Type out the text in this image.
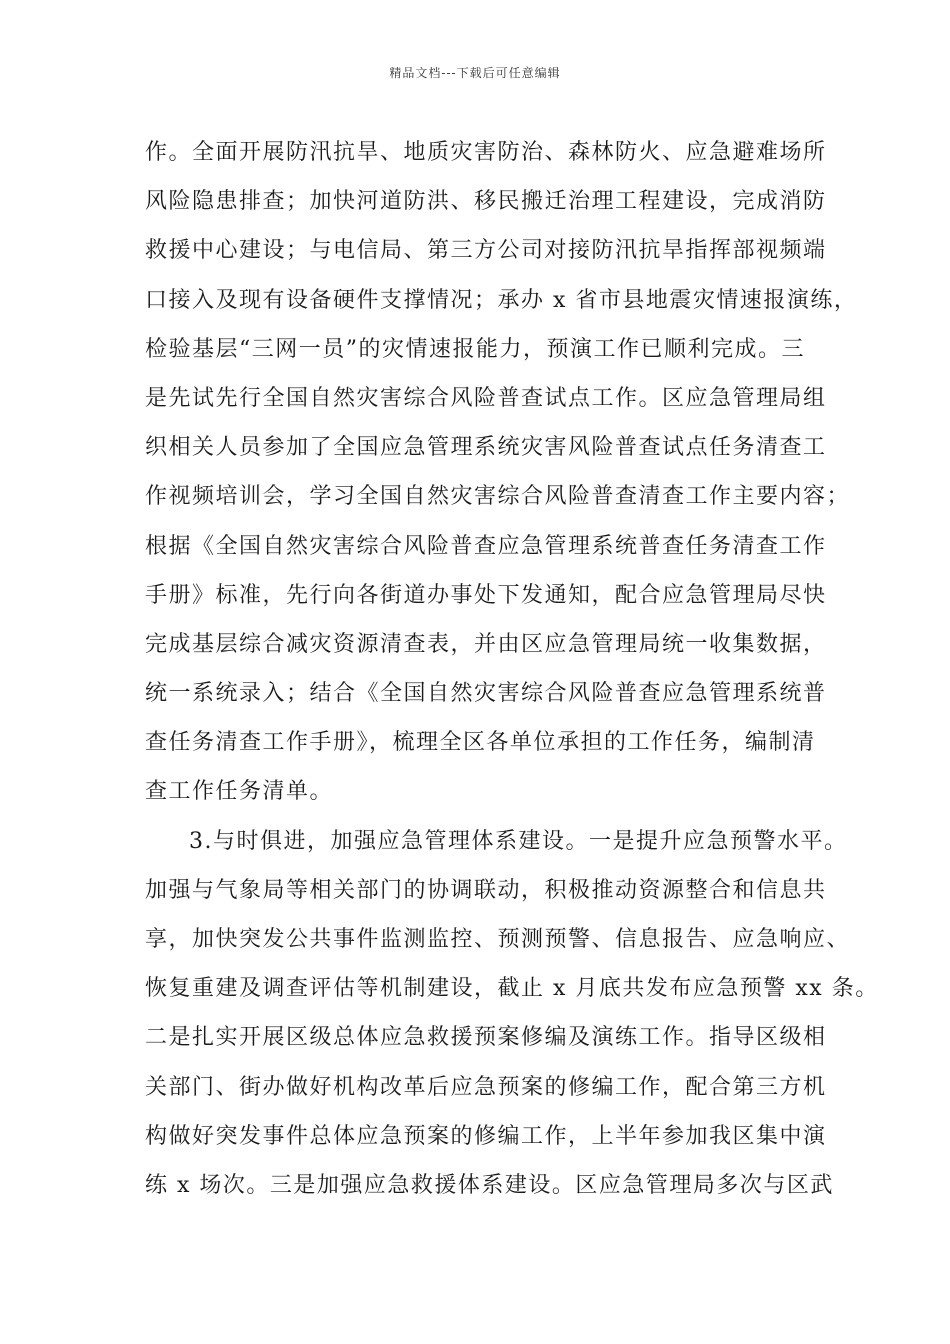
精品文档---下载后可任意编辑
作。全面开展防汛抗旱、地质灾害防治、森林防火、应急避难场所
风险隐患排查；加快河道防洪、移民搬迁治理工程建设，完成消防
救援中心建设；与电信局、第三方公司对接防汛抗旱指挥部视频端
口接入及现有设备硬件支撑情况；承办 x 省市县地震灾情速报演练，
检验基层“三网一员”的灾情速报能力，预演工作已顺利完成。三
是先试先行全国自然灾害综合风险普查试点工作。区应急管理局组
织相关人员参加了全国应急管理系统灾害风险普查试点任务清查工
作视频培训会，学习全国自然灾害综合风险普查清查工作主要内容；
根据《全国自然灾害综合风险普查应急管理系统普查任务清查工作
手册》标准，先行向各街道办事处下发通知，配合应急管理局尽快
完成基层综合减灾资源清查表，并由区应急管理局统一收集数据，
统一系统录入；结合《全国自然灾害综合风险普查应急管理系统普
查任务清查工作手册》，梳理全区各单位承担的工作任务，编制清
查工作任务清单。
3.与时俱进，加强应急管理体系建设。一是提升应急预警水平。
加强与气象局等相关部门的协调联动，积极推动资源整合和信息共
享，加快突发公共事件监测监控、预测预警、信息报告、应急响应、
恢复重建及调查评估等机制建设，截止 x 月底共发布应急预警 xx 条。
二是扎实开展区级总体应急救援预案修编及演练工作。指导区级相
关部门、街办做好机构改革后应急预案的修编工作，配合第三方机
构做好突发事件总体应急预案的修编工作，上半年参加我区集中演
练 x 场次。三是加强应急救援体系建设。区应急管理局多次与区武
